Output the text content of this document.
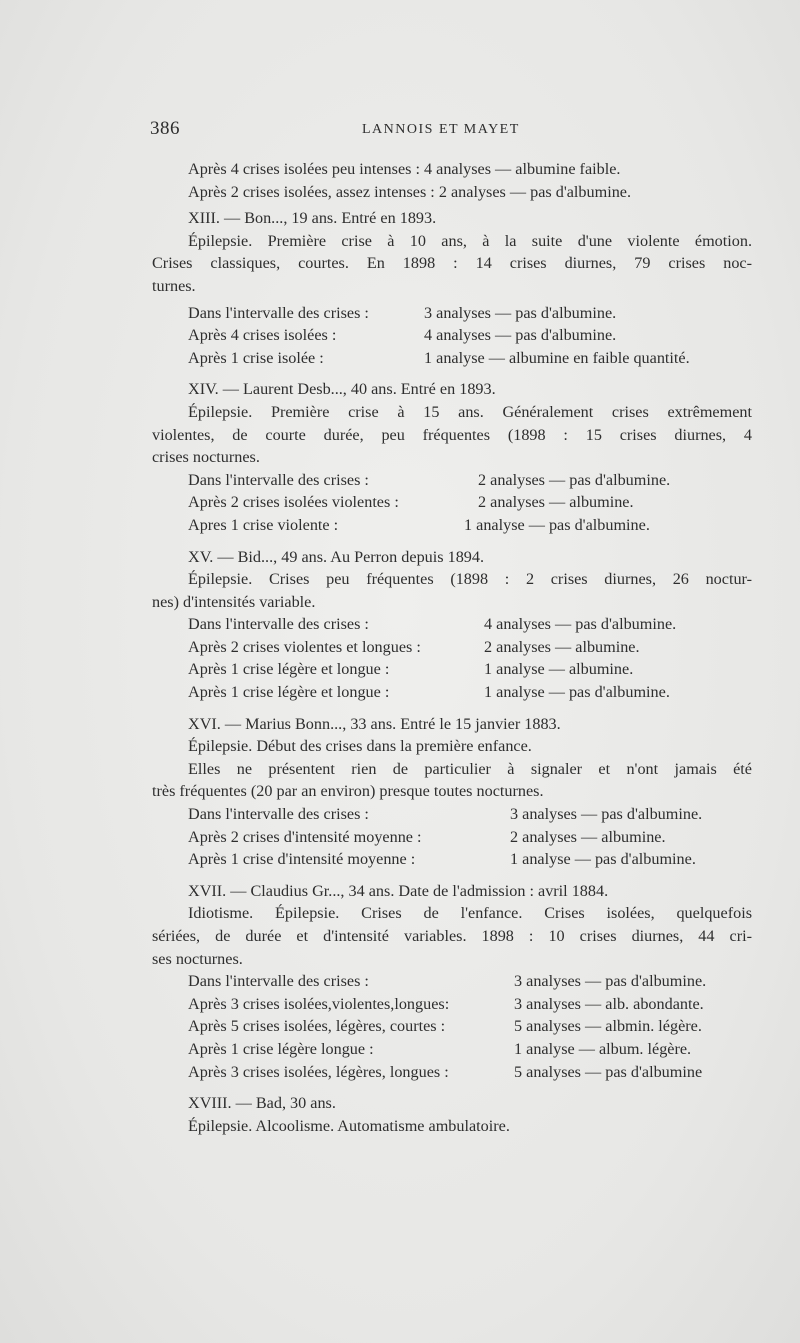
386	LANNOIS ET MAYET
Après 4 crises isolées peu intenses : 4 analyses — albumine faible.
Après 2 crises isolées, assez intenses : 2 analyses — pas d'albumine.
XIII. — Bon..., 19 ans. Entré en 1893.
Épilepsie. Première crise à 10 ans, à la suite d'une violente émotion.
Crises classiques, courtes. En 1898 : 14 crises diurnes, 79 crises noc-
turnes.
Dans l'intervalle des crises :	3 analyses — pas d'albumine.
Après 4 crises isolées :	4 analyses — pas d'albumine.
Après 1 crise isolée :	1 analyse — albumine en faible quantité.
XIV. — Laurent Desb..., 40 ans. Entré en 1893.
Épilepsie. Première crise à 15 ans. Généralement crises extrêmement
violentes, de courte durée, peu fréquentes (1898 : 15 crises diurnes, 4
crises nocturnes.
Dans l'intervalle des crises :	2 analyses — pas d'albumine.
Après 2 crises isolées violentes :	2 analyses — albumine.
Apres 1 crise violente :	1 analyse — pas d'albumine.
XV. — Bid..., 49 ans. Au Perron depuis 1894.
Épilepsie. Crises peu fréquentes (1898 : 2 crises diurnes, 26 noctur-
nes) d'intensités variable.
Dans l'intervalle des crises :	4 analyses — pas d'albumine.
Après 2 crises violentes et longues :	2 analyses — albumine.
Après 1 crise légère et longue :	1 analyse — albumine.
Après 1 crise légère et longue :	1 analyse — pas d'albumine.
XVI. — Marius Bonn..., 33 ans. Entré le 15 janvier 1883.
Épilepsie. Début des crises dans la première enfance.
Elles ne présentent rien de particulier à signaler et n'ont jamais été
très fréquentes (20 par an environ) presque toutes nocturnes.
Dans l'intervalle des crises :	3 analyses — pas d'albumine.
Après 2 crises d'intensité moyenne :	2 analyses — albumine.
Après 1 crise d'intensité moyenne :	1 analyse — pas d'albumine.
XVII. — Claudius Gr..., 34 ans. Date de l'admission : avril 1884.
Idiotisme. Épilepsie. Crises de l'enfance. Crises isolées, quelquefois
sériées, de durée et d'intensité variables. 1898 : 10 crises diurnes, 44 cri-
ses nocturnes.
Dans l'intervalle des crises :	3 analyses — pas d'albumine.
Après 3 crises isolées,violentes,longues:	3 analyses — alb. abondante.
Après 5 crises isolées, légères, courtes :	5 analyses — albmin. légère.
Après 1 crise légère longue :	1 analyse — album. légère.
Après 3 crises isolées, légères, longues :	5 analyses — pas d'albumine
XVIII. — Bad, 30 ans.
Épilepsie. Alcoolisme. Automatisme ambulatoire.
